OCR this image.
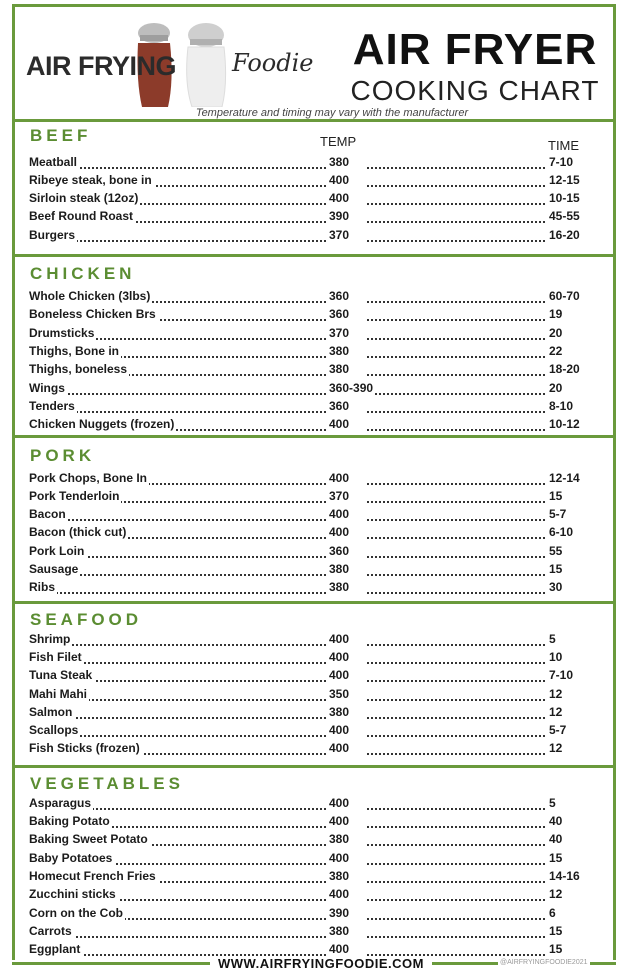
AIR FRYING Foodie AIR FRYER
COOKING CHART
Temperature and timing may vary with the manufacturer
BEEF	TEMP	TIME
Meatball	380	7-10
Ribeye steak, bone in	400	12-15
Sirloin steak (12oz)	400	10-15
Beef Round Roast	390	45-55
Burgers	370	16-20
CHICKEN
Whole Chicken (3lbs)	360	60-70
Boneless Chicken Brs	360	19
Drumsticks	370	20
Thighs, Bone in	380	22
Thighs, boneless	380	18-20
Wings	360-390	20
Tenders	360	8-10
Chicken Nuggets (frozen)	400	10-12
PORK
Pork Chops, Bone In	400	12-14
Pork Tenderloin	370	15
Bacon	400	5-7
Bacon (thick cut)	400	6-10
Pork Loin	360	55
Sausage	380	15
Ribs	380	30
SEAFOOD
Shrimp	400	5
Fish Filet	400	10
Tuna Steak	400	7-10
Mahi Mahi	350	12
Salmon	380	12
Scallops	400	5-7
Fish Sticks (frozen)	400	12
VEGETABLES
Asparagus	400	5
Baking Potato	400	40
Baking Sweet Potato	380	40
Baby Potatoes	400	15
Homecut French Fries	380	14-16
Zucchini sticks	400	12
Corn on the Cob	390	6
Carrots	380	15
Eggplant	400	15
WWW.AIRFRYINGFOODIE.COM	@AIRFRYINGFOODIE2021
